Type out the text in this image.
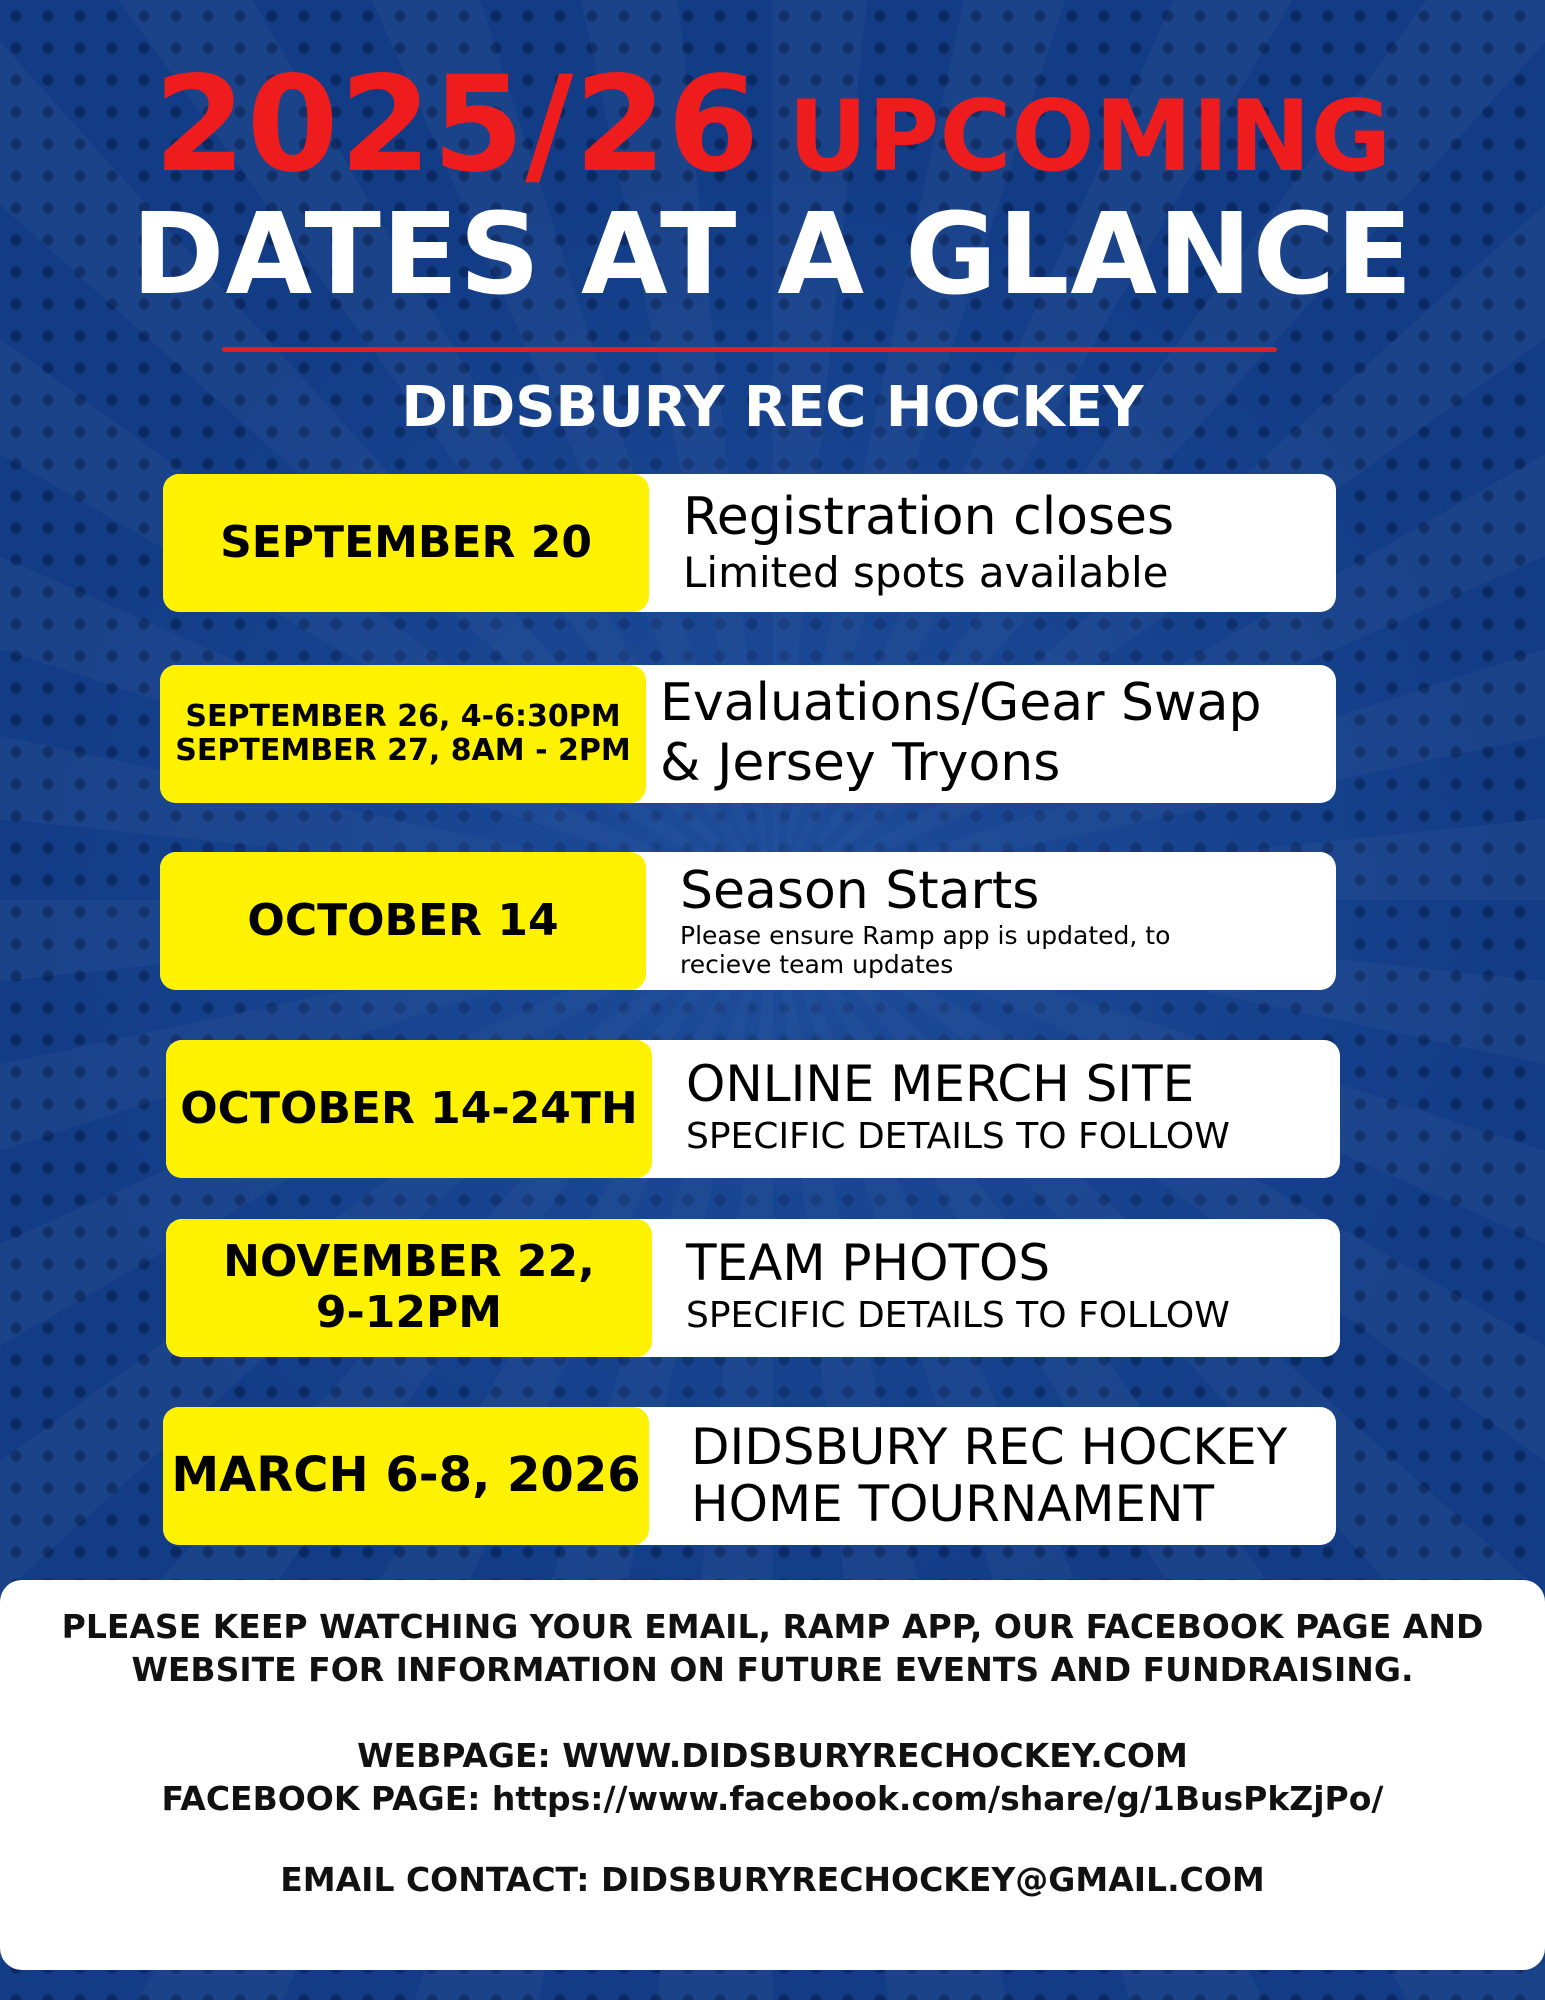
2025/26 UPCOMING
DATES AT A GLANCE
DIDSBURY REC HOCKEY
SEPTEMBER 20 Registration closes
Limited spots available
SEPTEMBER 26, 4-6:30PM
SEPTEMBER 27, 8AM - 2PM
Evaluations/Gear Swap
& Jersey Tryons
OCTOBER 14 Season Starts
Please ensure Ramp app is updated, to recieve team updates
OCTOBER 14-24TH ONLINE MERCH SITE
SPECIFIC DETAILS TO FOLLOW
NOVEMBER 22,
9-12PM
TEAM PHOTOS
SPECIFIC DETAILS TO FOLLOW
MARCH 6-8, 2026 DIDSBURY REC HOCKEY
HOME TOURNAMENT

PLEASE KEEP WATCHING YOUR EMAIL, RAMP APP, OUR FACEBOOK PAGE AND

WEBSITE FOR INFORMATION ON FUTURE EVENTS AND FUNDRAISING.

WEBPAGE: WWW.DIDSBURYRECHOCKEY.COM

FACEBOOK PAGE: https://www.facebook.com/share/g/1BusPkZjPo/

EMAIL CONTACT: DIDSBURYRECHOCKEY@GMAIL.COM
